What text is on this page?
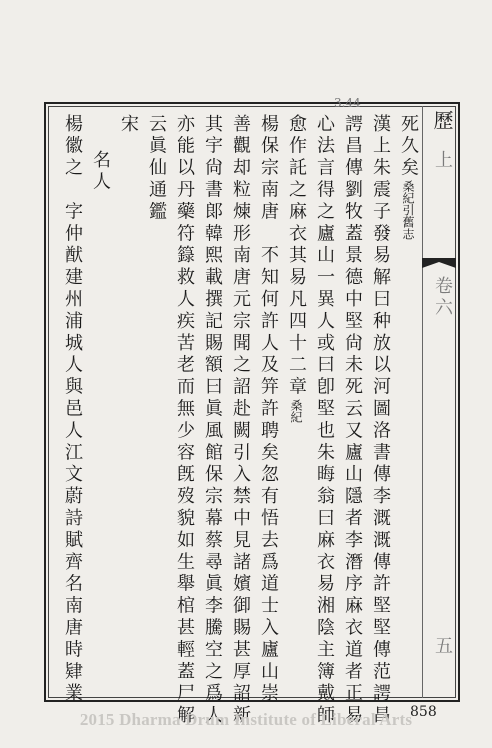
歷
上
卷六
五
3.44
死久矣桑紀引舊志
漢上朱震子發易解曰种放以河圖洛書傳李溉溉傳許堅堅傳范諤昌
諤昌傳劉牧蓋景德中堅尙未死云又廬山隱者李潛序麻衣道者正易
心法言得之廬山一異人或曰卽堅也朱晦翁曰麻衣易湘陰主簿戴師
愈作託之麻衣其易凡四十二章桑紀
楊保宗南唐　不知何許人及笄許聘矣忽有悟去爲道士入廬山崇
善觀却粒煉形南唐元宗聞之詔赴闕引入禁中見諸嬪御賜甚厚詔新
其宇尙書郞韓熙載撰記賜額曰眞風館保宗幕蔡尋眞李騰空之爲人
亦能以丹藥符籙救人疾苦老而無少容旣歿貌如生舉棺甚輕蓋尸解
云眞仙通鑑
宋
名人
楊徽之　字仲猷建州浦城人與邑人江文蔚詩賦齊名南唐時肄業
858
2015 Dharma Drum Institute of Liberal Arts
